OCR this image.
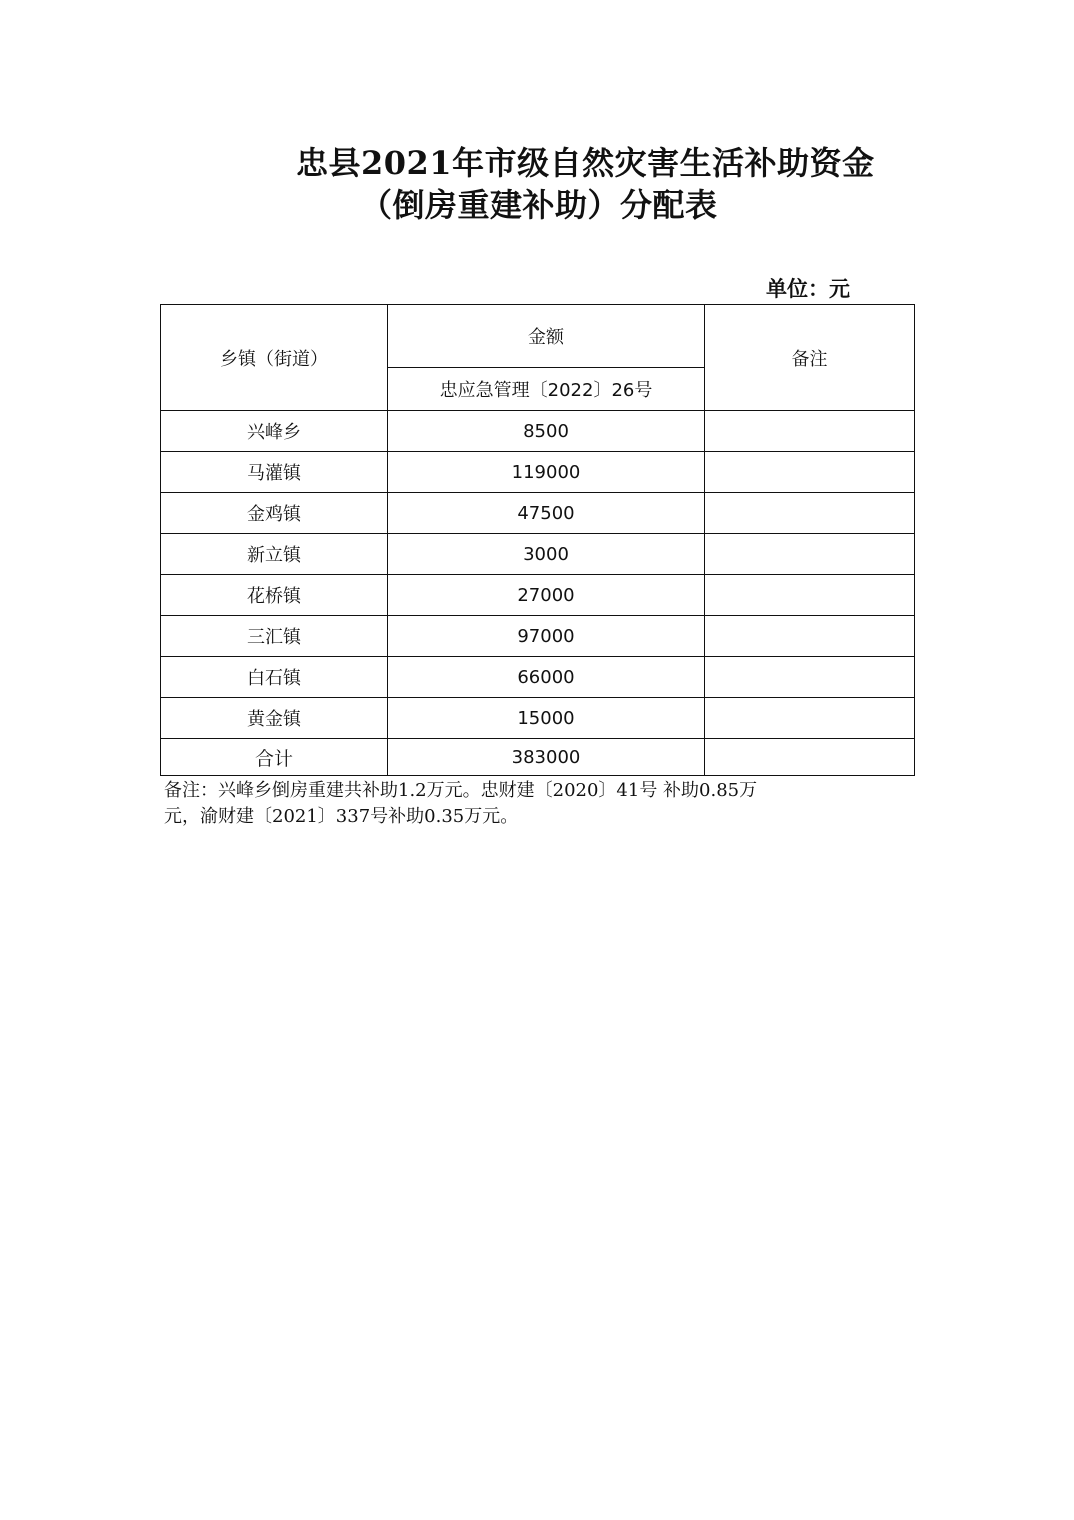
忠县2021年市级自然灾害生活补助资金
（倒房重建补助）分配表
单位：元
乡镇（街道）	金额	备注
	忠应急管理〔2022〕26号	
兴峰乡	8500	
马灌镇	119000	
金鸡镇	47500	
新立镇	3000	
花桥镇	27000	
三汇镇	97000	
白石镇	66000	
黄金镇	15000	
合计	383000	
备注：兴峰乡倒房重建共补助1.2万元。忠财建〔2020〕41号 补助0.85万
元，渝财建〔2021〕337号补助0.35万元。
